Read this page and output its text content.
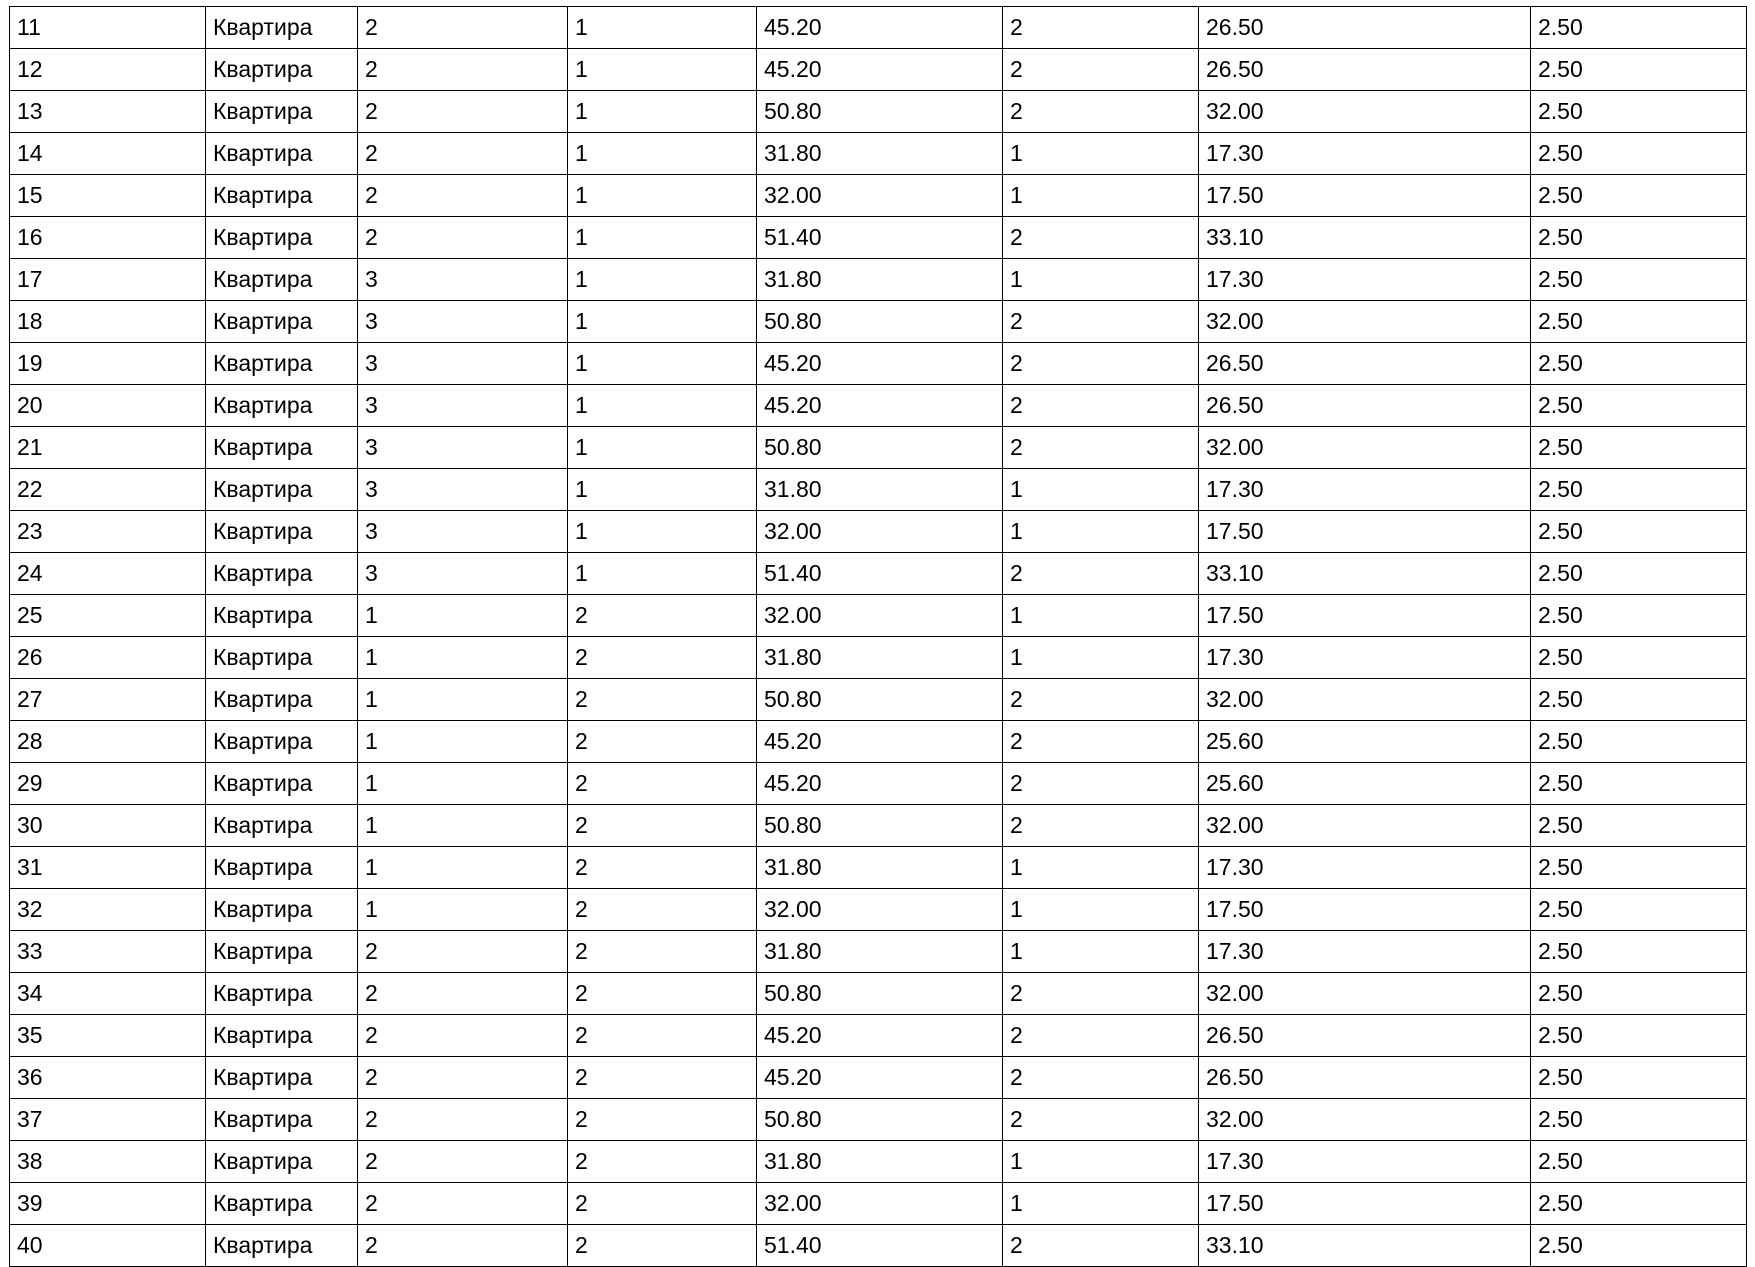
11	Квартира	2	1	45.20	2	26.50	2.50
12	Квартира	2	1	45.20	2	26.50	2.50
13	Квартира	2	1	50.80	2	32.00	2.50
14	Квартира	2	1	31.80	1	17.30	2.50
15	Квартира	2	1	32.00	1	17.50	2.50
16	Квартира	2	1	51.40	2	33.10	2.50
17	Квартира	3	1	31.80	1	17.30	2.50
18	Квартира	3	1	50.80	2	32.00	2.50
19	Квартира	3	1	45.20	2	26.50	2.50
20	Квартира	3	1	45.20	2	26.50	2.50
21	Квартира	3	1	50.80	2	32.00	2.50
22	Квартира	3	1	31.80	1	17.30	2.50
23	Квартира	3	1	32.00	1	17.50	2.50
24	Квартира	3	1	51.40	2	33.10	2.50
25	Квартира	1	2	32.00	1	17.50	2.50
26	Квартира	1	2	31.80	1	17.30	2.50
27	Квартира	1	2	50.80	2	32.00	2.50
28	Квартира	1	2	45.20	2	25.60	2.50
29	Квартира	1	2	45.20	2	25.60	2.50
30	Квартира	1	2	50.80	2	32.00	2.50
31	Квартира	1	2	31.80	1	17.30	2.50
32	Квартира	1	2	32.00	1	17.50	2.50
33	Квартира	2	2	31.80	1	17.30	2.50
34	Квартира	2	2	50.80	2	32.00	2.50
35	Квартира	2	2	45.20	2	26.50	2.50
36	Квартира	2	2	45.20	2	26.50	2.50
37	Квартира	2	2	50.80	2	32.00	2.50
38	Квартира	2	2	31.80	1	17.30	2.50
39	Квартира	2	2	32.00	1	17.50	2.50
40	Квартира	2	2	51.40	2	33.10	2.50
